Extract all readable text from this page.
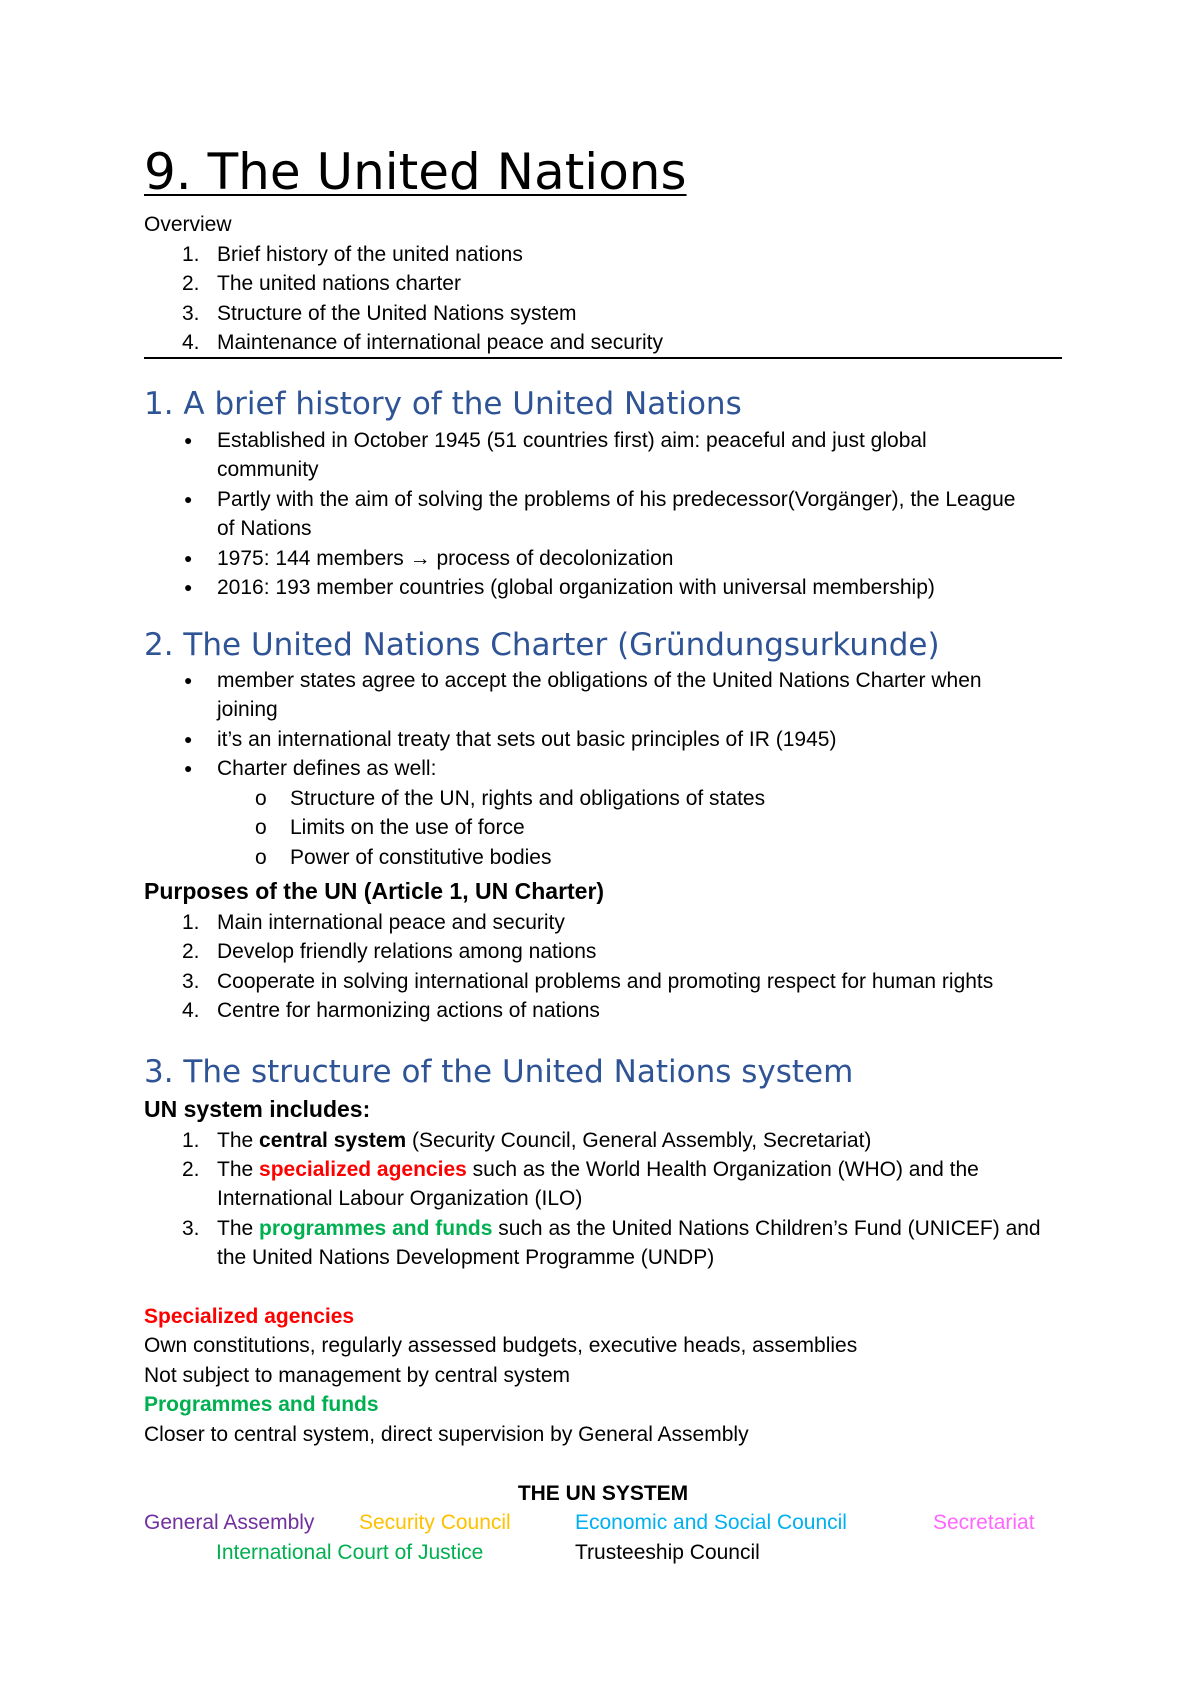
9. The United Nations
Overview
1. Brief history of the united nations
2. The united nations charter
3. Structure of the United Nations system
4. Maintenance of international peace and security
1. A brief history of the United Nations
● Established in October 1945 (51 countries first) aim: peaceful and just global
community
● Partly with the aim of solving the problems of his predecessor(Vorgänger), the League
of Nations
● 1975: 144 members → process of decolonization
● 2016: 193 member countries (global organization with universal membership)
2. The United Nations Charter (Gründungsurkunde)
● member states agree to accept the obligations of the United Nations Charter when
joining
● it’s an international treaty that sets out basic principles of IR (1945)
● Charter defines as well:
o Structure of the UN, rights and obligations of states
o Limits on the use of force
o Power of constitutive bodies
Purposes of the UN (Article 1, UN Charter)
1. Main international peace and security
2. Develop friendly relations among nations
3. Cooperate in solving international problems and promoting respect for human rights
4. Centre for harmonizing actions of nations
3. The structure of the United Nations system
UN system includes:
1. The central system (Security Council, General Assembly, Secretariat)
2. The specialized agencies such as the World Health Organization (WHO) and the
International Labour Organization (ILO)
3. The programmes and funds such as the United Nations Children’s Fund (UNICEF) and
the United Nations Development Programme (UNDP)
Specialized agencies
Own constitutions, regularly assessed budgets, executive heads, assemblies
Not subject to management by central system
Programmes and funds
Closer to central system, direct supervision by General Assembly
THE UN SYSTEM
General Assembly Security Council	Economic and Social Council	Secretariat
International Court of Justice	Trusteeship Council
